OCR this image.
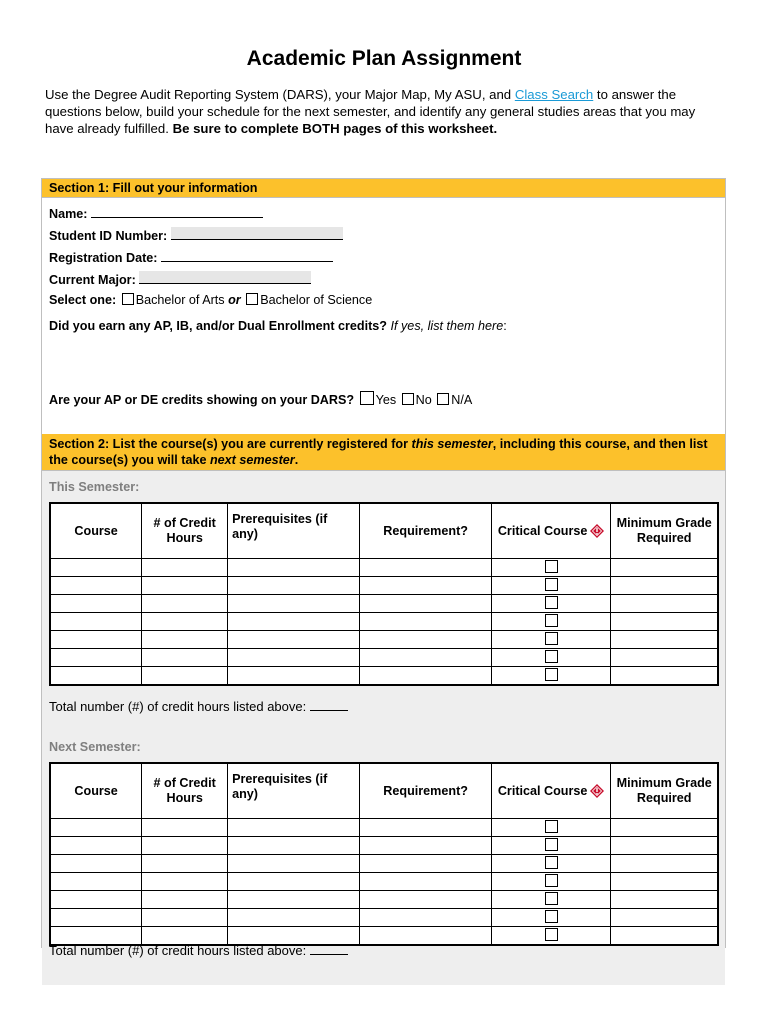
Academic Plan Assignment
Use the Degree Audit Reporting System (DARS), your Major Map, My ASU, and Class Search to answer the questions below, build your schedule for the next semester, and identify any general studies areas that you may have already fulfilled. Be sure to complete BOTH pages of this worksheet.
Section 1: Fill out your information
Name:
Student ID Number:
Registration Date:
Current Major:
Select one: Bachelor of Arts or Bachelor of Science
Did you earn any AP, IB, and/or Dual Enrollment credits? If yes, list them here:
Are your AP or DE credits showing on your DARS? Yes No N/A
Section 2: List the course(s) you are currently registered for this semester, including this course, and then list the course(s) you will take next semester.
This Semester:
Course	# of Credit Hours	Prerequisites (if any)	Requirement?	Critical Course	Minimum Grade Required

Total number (#) of credit hours listed above:
Next Semester:
Course	# of Credit Hours	Prerequisites (if any)	Requirement?	Critical Course	Minimum Grade Required

Total number (#) of credit hours listed above:
